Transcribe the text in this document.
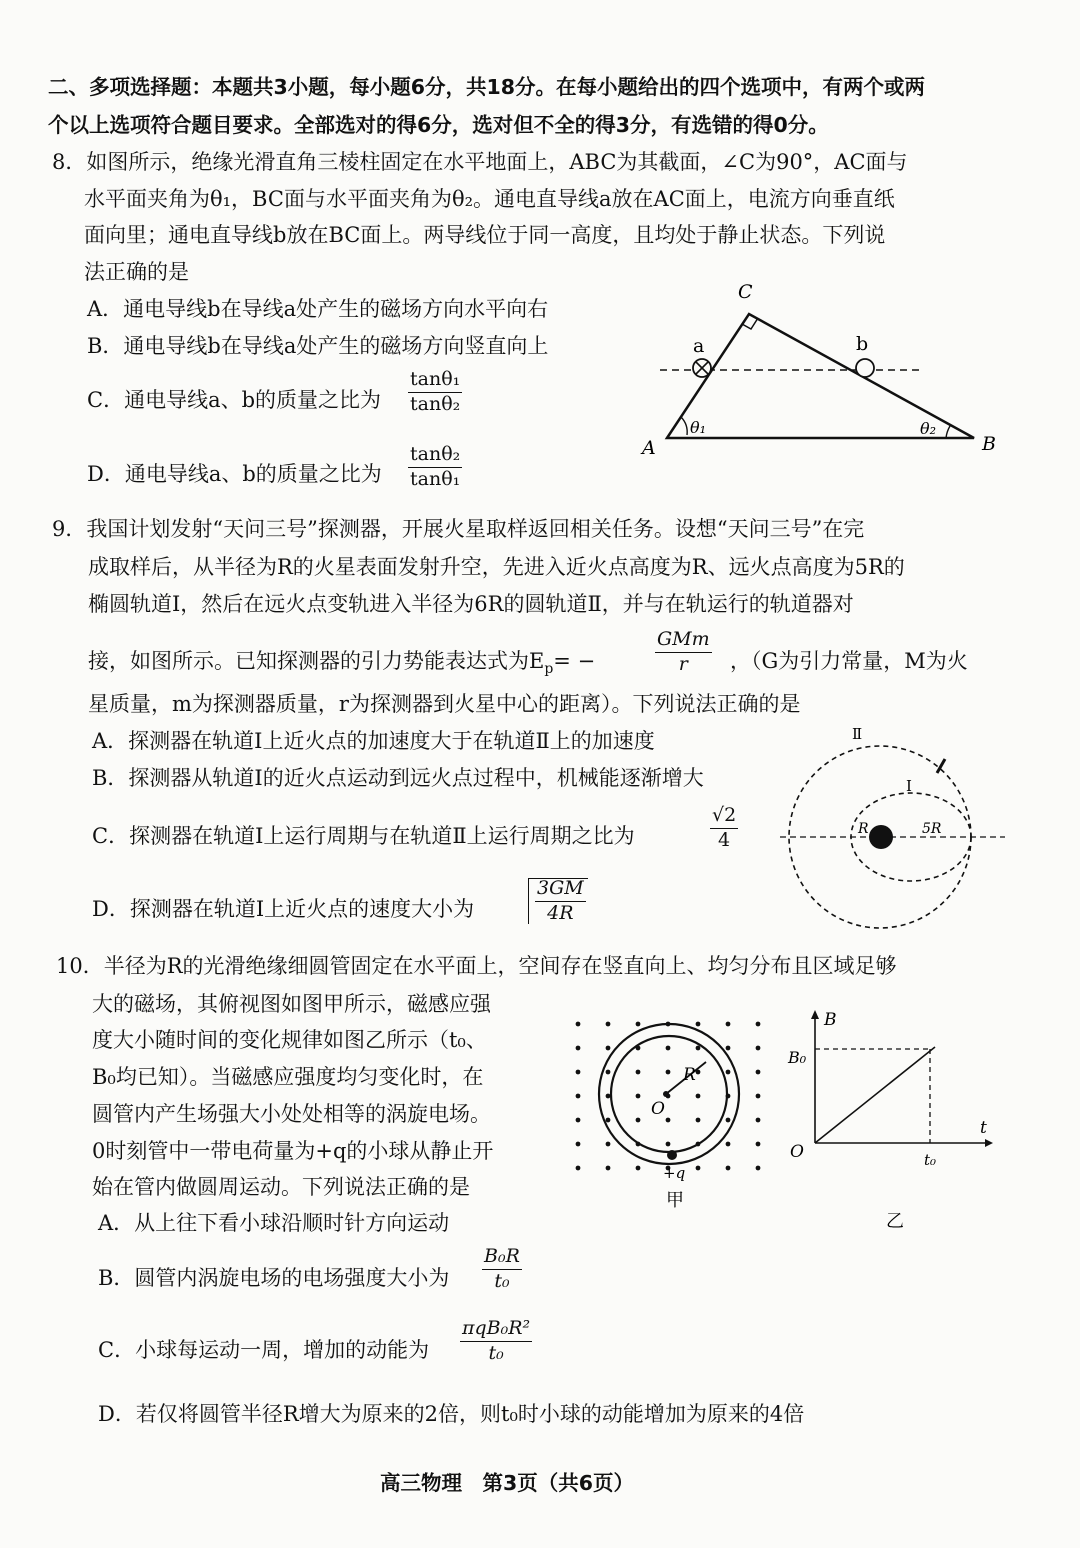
二、多项选择题：本题共3小题，每小题6分，共18分。在每小题给出的四个选项中，有两个或两
个以上选项符合题目要求。全部选对的得6分，选对但不全的得3分，有选错的得0分。
8．如图所示，绝缘光滑直角三棱柱固定在水平地面上，ABC为其截面，∠C为90°，AC面与
水平面夹角为θ₁，BC面与水平面夹角为θ₂。通电直导线a放在AC面上，电流方向垂直纸
面向里；通电直导线b放在BC面上。两导线位于同一高度，且均处于静止状态。下列说
法正确的是
A．通电导线b在导线a处产生的磁场方向水平向右
B．通电导线b在导线a处产生的磁场方向竖直向上
C．通电导线a、b的质量之比为 $\frac{\text{tanθ₁}}{\text{tanθ₂}}$
D．通电导线a、b的质量之比为 $\frac{\text{tanθ₂}}{\text{tanθ₁}}$
C
A	B
a	b
θ₁	θ₂
9．我国计划发射“天问三号”探测器，开展火星取样返回相关任务。设想“天问三号”在完
成取样后，从半径为R的火星表面发射升空，先进入近火点高度为R、远火点高度为5R的
椭圆轨道Ⅰ，然后在远火点变轨进入半径为6R的圆轨道Ⅱ，并与在轨运行的轨道器对
接，如图所示。已知探测器的引力势能表达式为$E_p=$ −
GMm
r	，（G为引力常量，M为火
星质量，m为探测器质量，r为探测器到火星中心的距离）。下列说法正确的是
A．探测器在轨道Ⅰ上近火点的加速度大于在轨道Ⅱ上的加速度
B．探测器从轨道Ⅰ的近火点运动到远火点过程中，机械能逐渐增大
C．探测器在轨道Ⅰ上运行周期与在轨道Ⅱ上运行周期之比为	$\frac{√2}{4}$
D．探测器在轨道Ⅰ上近火点的速度大小为	$\frac{3GM}{4R}$
Ⅱ
Ⅰ
R	5R
10．半径为R的光滑绝缘细圆管固定在水平面上，空间存在竖直向上、均匀分布且区域足够
大的磁场，其俯视图如图甲所示，磁感应强
度大小随时间的变化规律如图乙所示（t₀、
B₀均已知）。当磁感应强度均匀变化时，在
圆管内产生场强大小处处相等的涡旋电场。
0时刻管中一带电荷量为+q的小球从静止开
始在管内做圆周运动。下列说法正确的是
A．从上往下看小球沿顺时针方向运动
B．圆管内涡旋电场的电场强度大小为 $\frac{\text{B₀R}}{\text{t₀}}$
C．小球每运动一周，增加的动能为
πqB₀R²
t₀
D．若仅将圆管半径R增大为原来的2倍，则t₀时小球的动能增加为原来的4倍
R
O
+q
甲
B
B₀
O
t
t₀
乙
高三物理　第3页（共6页）
